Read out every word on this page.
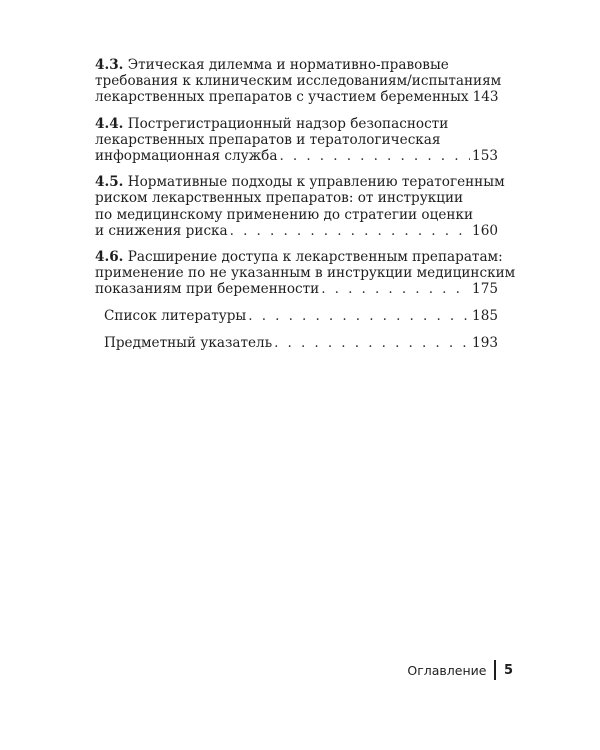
4.3. Этическая дилемма и нормативно-правовые
требования к клиническим исследованиям/испытаниям
лекарственных препаратов с участием беременных 143
4.4. Пострегистрационный надзор безопасности
лекарственных препаратов и тератологическая
информационная служба . . .	153
4.5. Нормативные подходы к управлению тератогенным
риском лекарственных препаратов: от инструкции
по медицинскому применению до стратегии оценки
и снижения риска . . .	160
4.6. Расширение доступа к лекарственным препаратам:
применение по не указанным в инструкции медицинским
показаниям при беременности . . .	175
Список литературы . . .	185
Предметный указатель . . .	193
Оглавление 5
